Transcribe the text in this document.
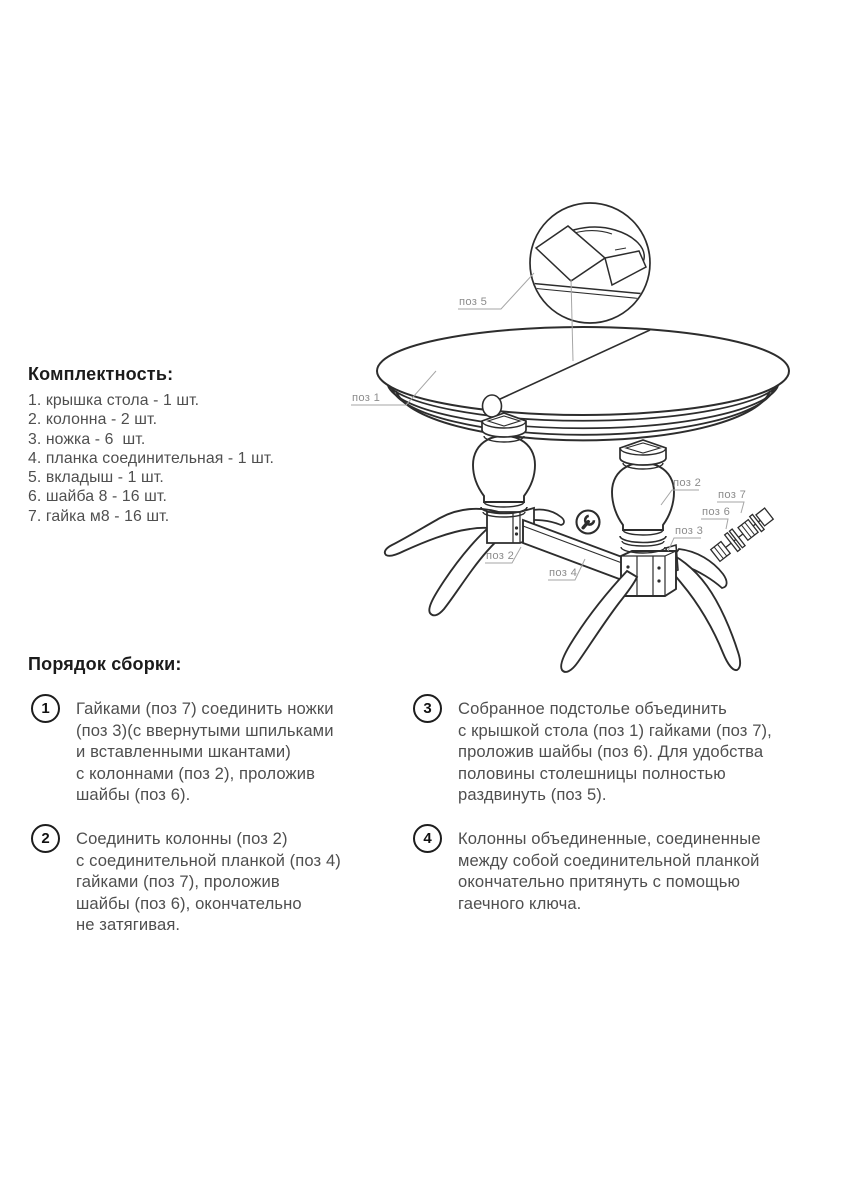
поз 1
поз 5
поз 2
поз 7
поз 6
поз 3
поз 2
поз 4
Комплектность:
1. крышка стола - 1 шт.
2. колонна - 2 шт.
3. ножка - 6  шт.
4. планка соединительная - 1 шт.
5. вкладыш - 1 шт.
6. шайба 8 - 16 шт.
7. гайка м8 - 16 шт.
Порядок сборки:
1	Гайками (поз 7) соединить ножки
(поз 3)(с ввернутыми шпильками
и вставленными шкантами)
с колоннами (поз 2), проложив
шайбы (поз 6).
2	Соединить колонны (поз 2)
с соединительной планкой (поз 4)
гайками (поз 7), проложив
шайбы (поз 6), окончательно
не затягивая.
3	Собранное подстолье объединить
с крышкой стола (поз 1) гайками (поз 7),
проложив шайбы (поз 6). Для удобства
половины столешницы полностью
раздвинуть (поз 5).
4	Колонны объединенные, соединенные
между собой соединительной планкой
окончательно притянуть с помощью
гаечного ключа.
